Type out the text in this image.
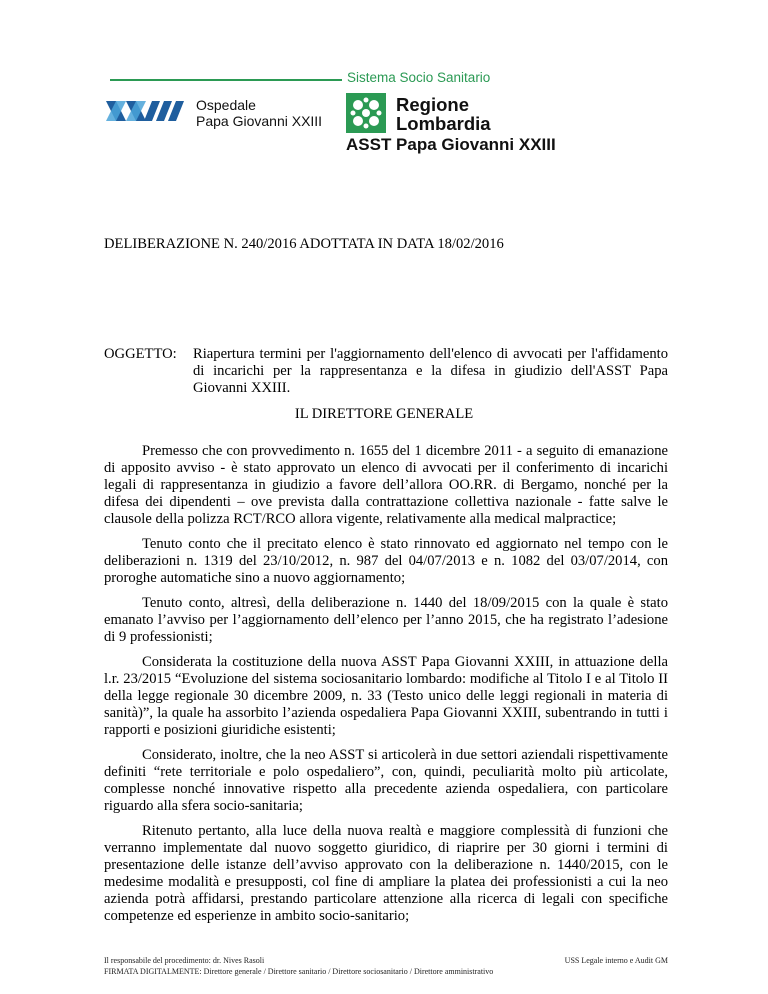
Sistema Socio Sanitario
Ospedale
Papa Giovanni XXIII
Regione
Lombardia
ASST Papa Giovanni XXIII
DELIBERAZIONE N. 240/2016 ADOTTATA IN DATA 18/02/2016
OGGETTO: Riapertura termini per l'aggiornamento dell'elenco di avvocati per l'affidamento di incarichi per la rappresentanza e la difesa in giudizio dell'ASST Papa Giovanni XXIII.
IL DIRETTORE GENERALE

Premesso che con provvedimento n. 1655 del 1 dicembre 2011 - a seguito di emanazione di apposito avviso - è stato approvato un elenco di avvocati per il conferimento di incarichi legali di rappresentanza in giudizio a favore dell’allora OO.RR. di Bergamo, nonché per la difesa dei dipendenti – ove prevista dalla contrattazione collettiva nazionale - fatte salve le clausole della polizza RCT/RCO allora vigente, relativamente alla medical malpractice;

Tenuto conto che il precitato elenco è stato rinnovato ed aggiornato nel tempo con le deliberazioni n. 1319 del 23/10/2012, n. 987 del 04/07/2013 e n. 1082 del 03/07/2014, con proroghe automatiche sino a nuovo aggiornamento;

Tenuto conto, altresì, della deliberazione n. 1440 del 18/09/2015 con la quale è stato emanato l’avviso per l’aggiornamento dell’elenco per l’anno 2015, che ha registrato l’adesione di 9 professionisti;

Considerata la costituzione della nuova ASST Papa Giovanni XXIII, in attuazione della l.r. 23/2015 “Evoluzione del sistema sociosanitario lombardo: modifiche al Titolo I e al Titolo II della legge regionale 30 dicembre 2009, n. 33 (Testo unico delle leggi regionali in materia di sanità)”, la quale ha assorbito l’azienda ospedaliera Papa Giovanni XXIII, subentrando in tutti i rapporti e posizioni giuridiche esistenti;

Considerato, inoltre, che la neo ASST si articolerà in due settori aziendali rispettivamente definiti “rete territoriale e polo ospedaliero”, con, quindi, peculiarità molto più articolate, complesse nonché innovative rispetto alla precedente azienda ospedaliera, con particolare riguardo alla sfera socio-sanitaria;

Ritenuto pertanto, alla luce della nuova realtà e maggiore complessità di funzioni che verranno implementate dal nuovo soggetto giuridico, di riaprire per 30 giorni i termini di presentazione delle istanze dell’avviso approvato con la deliberazione n. 1440/2015, con le medesime modalità e presupposti, col fine di ampliare la platea dei professionisti a cui la neo azienda potrà affidarsi, prestando particolare attenzione alla ricerca di legali con specifiche competenze ed esperienze in ambito socio-sanitario;

Il responsabile del procedimento: dr. Nives Rasoli	USS Legale interno e Audit GM
FIRMATA DIGITALMENTE: Direttore generale / Direttore sanitario / Direttore sociosanitario / Direttore amministrativo
